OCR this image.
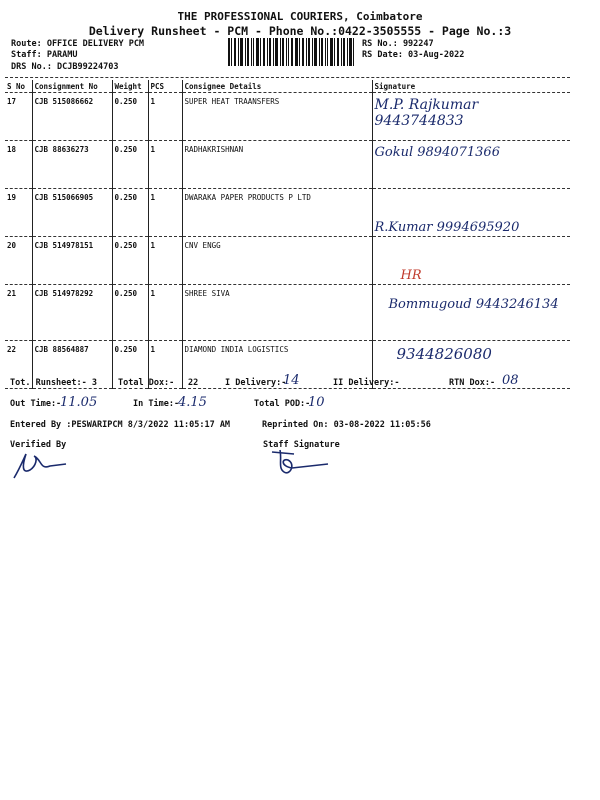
THE PROFESSIONAL COURIERS, Coimbatore
Delivery Runsheet - PCM - Phone No.:0422-3505555 - Page No.:3
Route: OFFICE DELIVERY PCM
Staff: PARAMU
DRS No.: DCJB99224703
RS No.: 992247
RS Date: 03-Aug-2022
S No	Consignment No	Weight	PCS	Consignee Details	Signature
17	CJB 515086662	0.250	1	SUPER HEAT TRAANSFERS	M.P. Rajkumar 9443744833
18	CJB 88636273	0.250	1	RADHAKRISHNAN	Gokul 9894071366
19	CJB 515066905	0.250	1	DWARAKA PAPER PRODUCTS P LTD	R.Kumar 9994695920
20	CJB 514978151	0.250	1	CNV ENGG	HR
21	CJB 514978292	0.250	1	SHREE SIVA	Bommugoud 9443246134
22	CJB 88564887	0.250	1	DIAMOND INDIA LOGISTICS	9344826080
Tot. Runsheet:- 3 Total Dox:- 22	I Delivery:-
14	II Delivery:-	RTN Dox:- 08
Out Time:-
11.05	In Time:-
4.15	Total POD:-
10
Entered By :PESWARIPCM 8/3/2022 11:05:17 AM	Reprinted On: 03-08-2022 11:05:56
Verified By	Staff Signature
